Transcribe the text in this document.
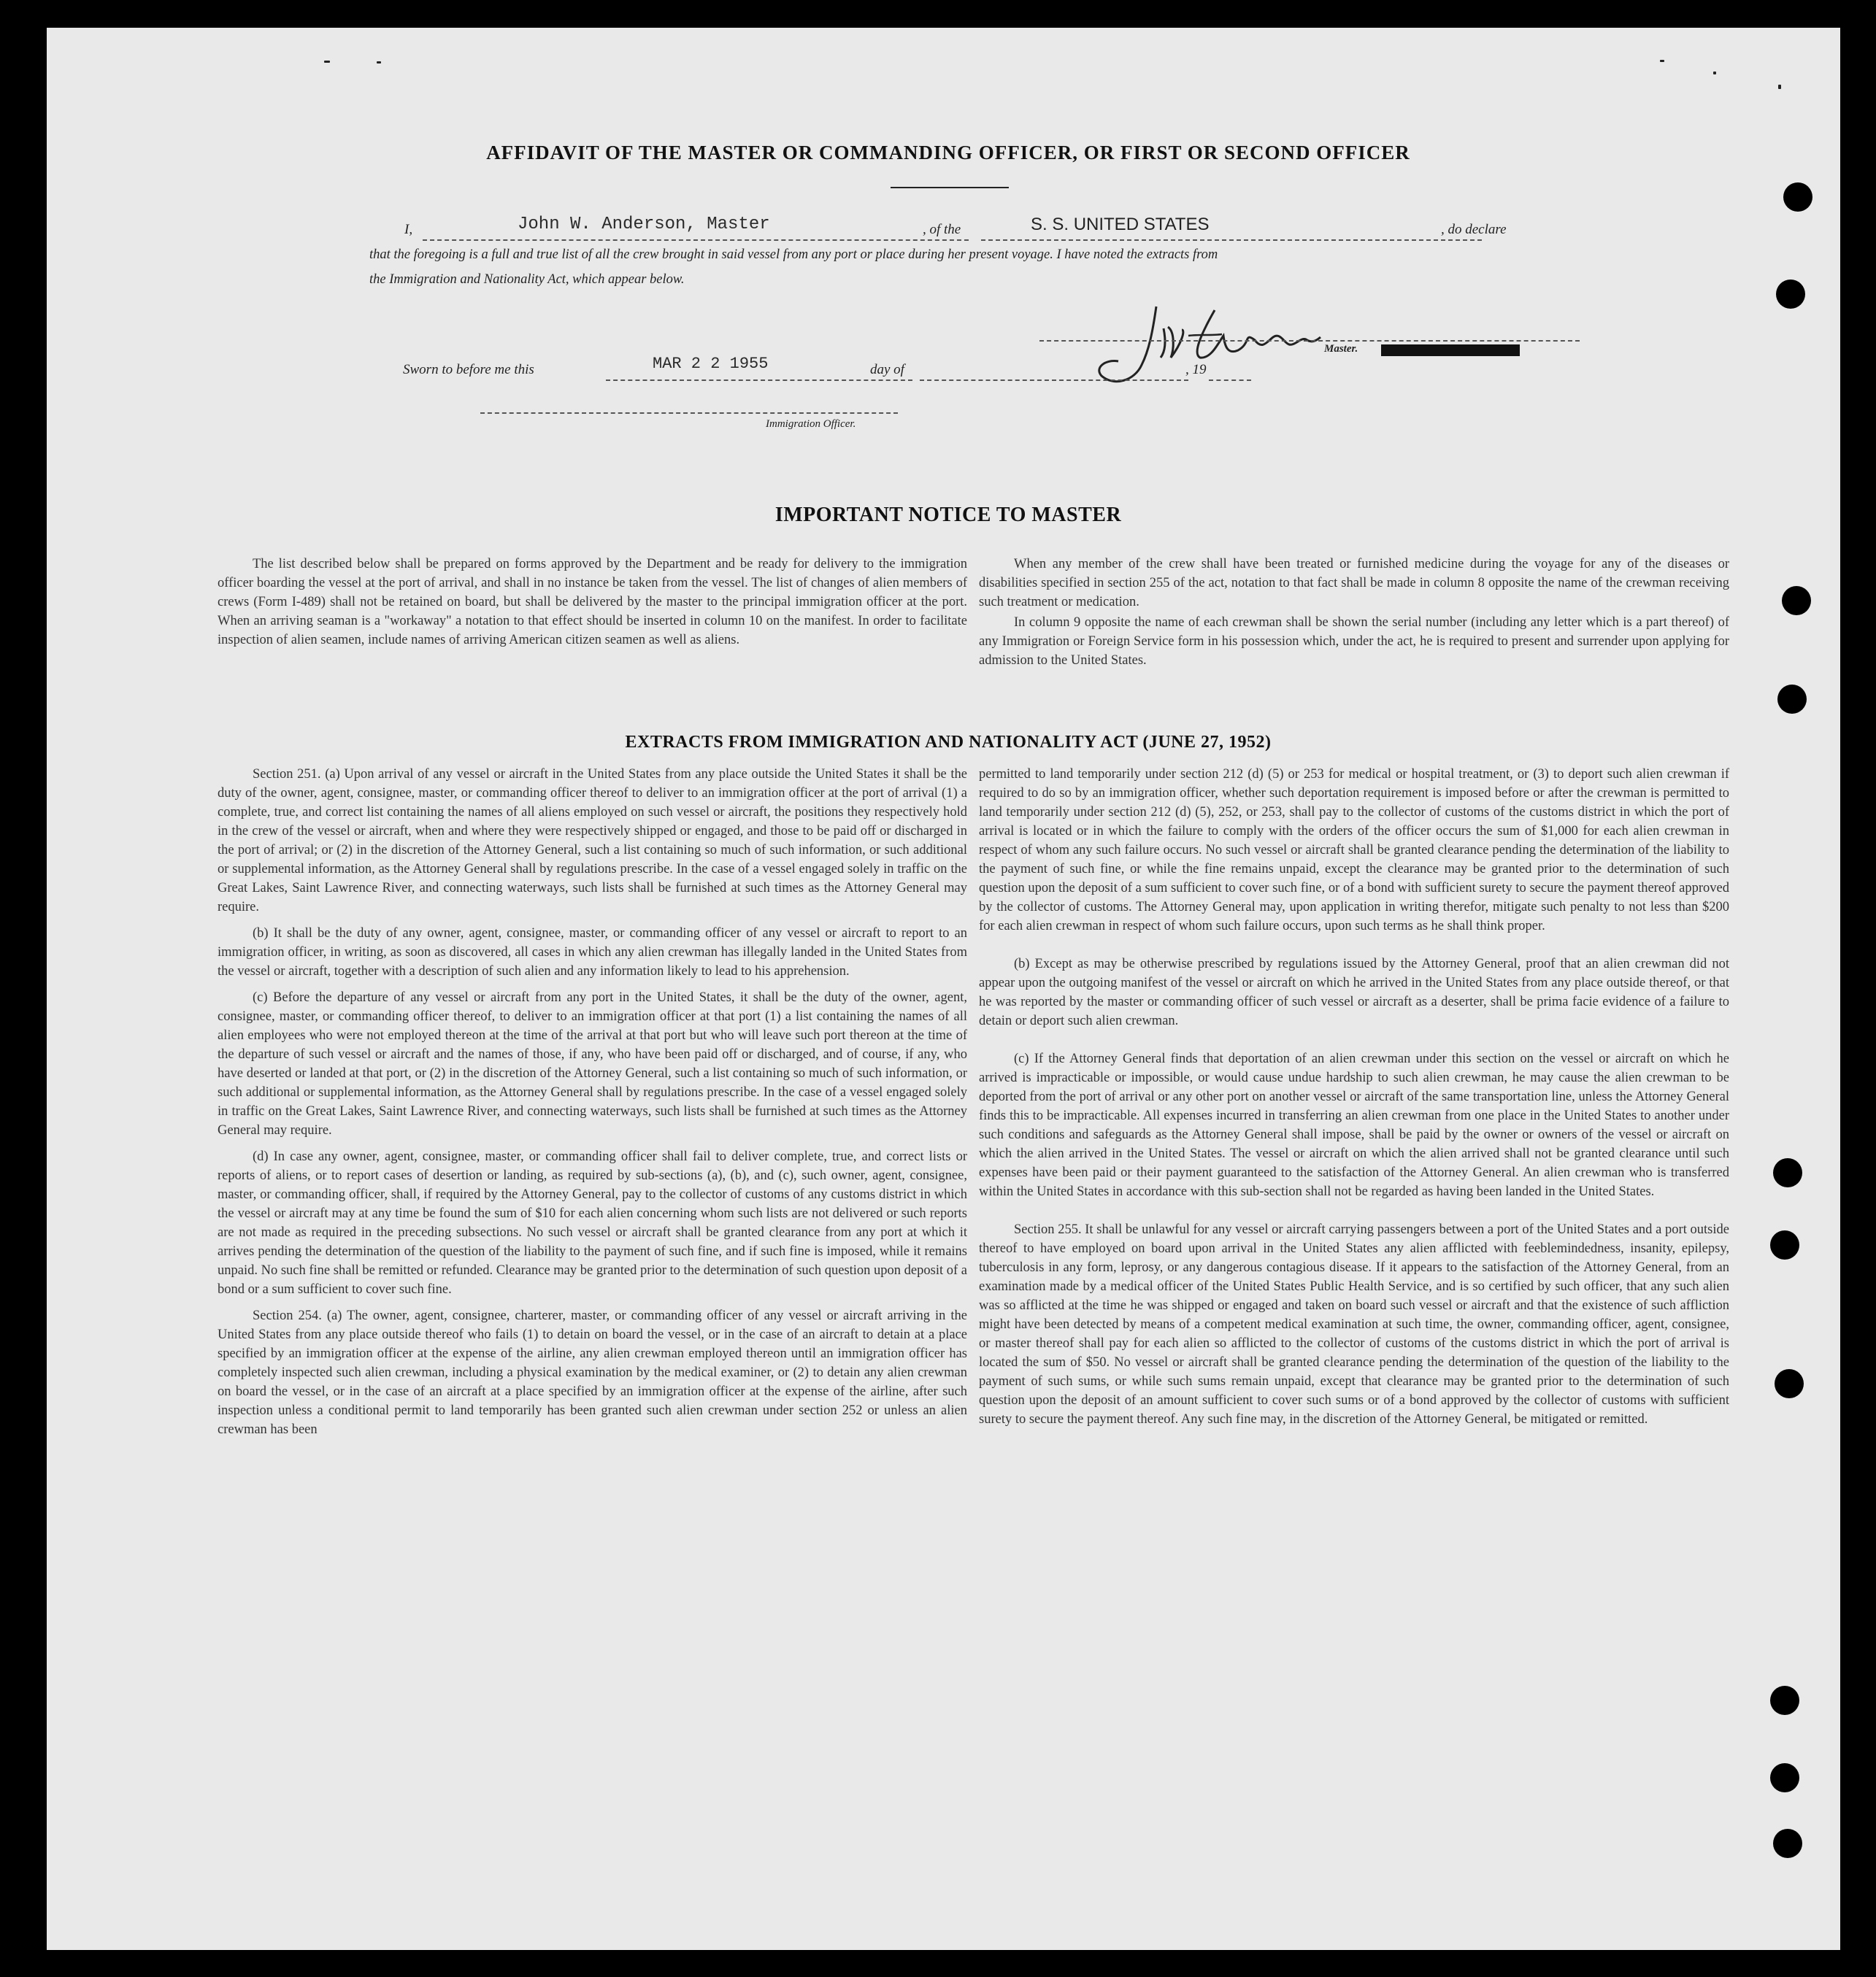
AFFIDAVIT OF THE MASTER OR COMMANDING OFFICER, OR FIRST OR SECOND OFFICER
I,	John W. Anderson, Master	, of the	S. S. UNITED STATES	, do declare
that the foregoing is a full and true list of all the crew brought in said vessel from any port or place during her present voyage. I have noted the extracts from
the Immigration and Nationality Act, which appear below.
Master.
Sworn to before me this	MAR 2 2 1955	day of	, 19
Immigration Officer.
IMPORTANT NOTICE TO MASTER

The list described below shall be prepared on forms approved by the Department and be ready for delivery to the immigration officer boarding the vessel at the port of arrival, and shall in no instance be taken from the vessel. The list of changes of alien members of crews (Form I-489) shall not be retained on board, but shall be delivered by the master to the principal immigration officer at the port. When an arriving seaman is a "workaway" a notation to that effect should be inserted in column 10 on the manifest. In order to facilitate inspection of alien seamen, include names of arriving American citizen seamen as well as aliens.

When any member of the crew shall have been treated or furnished medicine during the voyage for any of the diseases or disabilities specified in section 255 of the act, notation to that fact shall be made in column 8 opposite the name of the crewman receiving such treatment or medication.

In column 9 opposite the name of each crewman shall be shown the serial number (including any letter which is a part thereof) of any Immigration or Foreign Service form in his possession which, under the act, he is required to present and surrender upon applying for admission to the United States.

EXTRACTS FROM IMMIGRATION AND NATIONALITY ACT (JUNE 27, 1952)

Section 251. (a) Upon arrival of any vessel or aircraft in the United States from any place outside the United States it shall be the duty of the owner, agent, consignee, master, or commanding officer thereof to deliver to an immigration officer at the port of arrival (1) a complete, true, and correct list containing the names of all aliens employed on such vessel or aircraft, the positions they respectively hold in the crew of the vessel or aircraft, when and where they were respectively shipped or engaged, and those to be paid off or discharged in the port of arrival; or (2) in the discretion of the Attorney General, such a list containing so much of such information, or such additional or supplemental information, as the Attorney General shall by regulations prescribe. In the case of a vessel engaged solely in traffic on the Great Lakes, Saint Lawrence River, and connecting waterways, such lists shall be furnished at such times as the Attorney General may require.

(b) It shall be the duty of any owner, agent, consignee, master, or commanding officer of any vessel or aircraft to report to an immigration officer, in writing, as soon as discovered, all cases in which any alien crewman has illegally landed in the United States from the vessel or aircraft, together with a description of such alien and any information likely to lead to his apprehension.

(c) Before the departure of any vessel or aircraft from any port in the United States, it shall be the duty of the owner, agent, consignee, master, or commanding officer thereof, to deliver to an immigration officer at that port (1) a list containing the names of all alien employees who were not employed thereon at the time of the arrival at that port but who will leave such port thereon at the time of the departure of such vessel or aircraft and the names of those, if any, who have been paid off or discharged, and of course, if any, who have deserted or landed at that port, or (2) in the discretion of the Attorney General, such a list containing so much of such information, or such additional or supplemental information, as the Attorney General shall by regulations prescribe. In the case of a vessel engaged solely in traffic on the Great Lakes, Saint Lawrence River, and connecting waterways, such lists shall be furnished at such times as the Attorney General may require.

(d) In case any owner, agent, consignee, master, or commanding officer shall fail to deliver complete, true, and correct lists or reports of aliens, or to report cases of desertion or landing, as required by sub-sections (a), (b), and (c), such owner, agent, consignee, master, or commanding officer, shall, if required by the Attorney General, pay to the collector of customs of any customs district in which the vessel or aircraft may at any time be found the sum of $10 for each alien concerning whom such lists are not delivered or such reports are not made as required in the preceding subsections. No such vessel or aircraft shall be granted clearance from any port at which it arrives pending the determination of the question of the liability to the payment of such fine, and if such fine is imposed, while it remains unpaid. No such fine shall be remitted or refunded. Clearance may be granted prior to the determination of such question upon deposit of a bond or a sum sufficient to cover such fine.

Section 254. (a) The owner, agent, consignee, charterer, master, or commanding officer of any vessel or aircraft arriving in the United States from any place outside thereof who fails (1) to detain on board the vessel, or in the case of an aircraft to detain at a place specified by an immigration officer at the expense of the airline, any alien crewman employed thereon until an immigration officer has completely inspected such alien crewman, including a physical examination by the medical examiner, or (2) to detain any alien crewman on board the vessel, or in the case of an aircraft at a place specified by an immigration officer at the expense of the airline, after such inspection unless a conditional permit to land temporarily has been granted such alien crewman under section 252 or unless an alien crewman has been

permitted to land temporarily under section 212 (d) (5) or 253 for medical or hospital treatment, or (3) to deport such alien crewman if required to do so by an immigration officer, whether such deportation requirement is imposed before or after the crewman is permitted to land temporarily under section 212 (d) (5), 252, or 253, shall pay to the collector of customs of the customs district in which the port of arrival is located or in which the failure to comply with the orders of the officer occurs the sum of $1,000 for each alien crewman in respect of whom any such failure occurs. No such vessel or aircraft shall be granted clearance pending the determination of the liability to the payment of such fine, or while the fine remains unpaid, except the clearance may be granted prior to the determination of such question upon the deposit of a sum sufficient to cover such fine, or of a bond with sufficient surety to secure the payment thereof approved by the collector of customs. The Attorney General may, upon application in writing therefor, mitigate such penalty to not less than $200 for each alien crewman in respect of whom such failure occurs, upon such terms as he shall think proper.

(b) Except as may be otherwise prescribed by regulations issued by the Attorney General, proof that an alien crewman did not appear upon the outgoing manifest of the vessel or aircraft on which he arrived in the United States from any place outside thereof, or that he was reported by the master or commanding officer of such vessel or aircraft as a deserter, shall be prima facie evidence of a failure to detain or deport such alien crewman.

(c) If the Attorney General finds that deportation of an alien crewman under this section on the vessel or aircraft on which he arrived is impracticable or impossible, or would cause undue hardship to such alien crewman, he may cause the alien crewman to be deported from the port of arrival or any other port on another vessel or aircraft of the same transportation line, unless the Attorney General finds this to be impracticable. All expenses incurred in transferring an alien crewman from one place in the United States to another under such conditions and safeguards as the Attorney General shall impose, shall be paid by the owner or owners of the vessel or aircraft on which the alien arrived in the United States. The vessel or aircraft on which the alien arrived shall not be granted clearance until such expenses have been paid or their payment guaranteed to the satisfaction of the Attorney General. An alien crewman who is transferred within the United States in accordance with this sub-section shall not be regarded as having been landed in the United States.

Section 255. It shall be unlawful for any vessel or aircraft carrying passengers between a port of the United States and a port outside thereof to have employed on board upon arrival in the United States any alien afflicted with feeblemindedness, insanity, epilepsy, tuberculosis in any form, leprosy, or any dangerous contagious disease. If it appears to the satisfaction of the Attorney General, from an examination made by a medical officer of the United States Public Health Service, and is so certified by such officer, that any such alien was so afflicted at the time he was shipped or engaged and taken on board such vessel or aircraft and that the existence of such affliction might have been detected by means of a competent medical examination at such time, the owner, commanding officer, agent, consignee, or master thereof shall pay for each alien so afflicted to the collector of customs of the customs district in which the port of arrival is located the sum of $50. No vessel or aircraft shall be granted clearance pending the determination of the question of the liability to the payment of such sums, or while such sums remain unpaid, except that clearance may be granted prior to the determination of such question upon the deposit of an amount sufficient to cover such sums or of a bond approved by the collector of customs with sufficient surety to secure the payment thereof. Any such fine may, in the discretion of the Attorney General, be mitigated or remitted.
